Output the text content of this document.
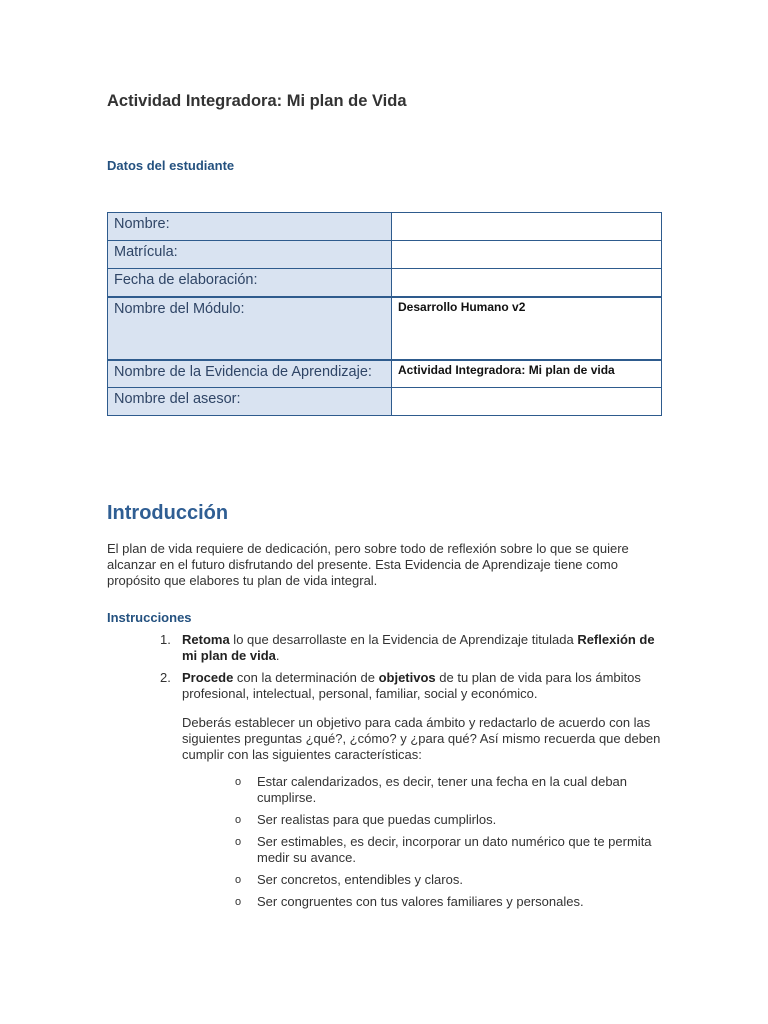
Actividad Integradora: Mi plan de Vida
Datos del estudiante
Nombre:	
Matrícula:	
Fecha de elaboración:	
Nombre del Módulo:	Desarrollo Humano v2
Nombre de la Evidencia de Aprendizaje:	Actividad Integradora: Mi plan de vida
Nombre del asesor:	
Introducción

El plan de vida requiere de dedicación, pero sobre todo de reflexión sobre lo que se quiere alcanzar en el futuro disfrutando del presente. Esta Evidencia de Aprendizaje tiene como propósito que elabores tu plan de vida integral.

Instrucciones
1. Retoma lo que desarrollaste en la Evidencia de Aprendizaje titulada Reflexión de mi plan de vida.
2. Procede con la determinación de objetivos de tu plan de vida para los ámbitos profesional, intelectual, personal, familiar, social y económico.
Deberás establecer un objetivo para cada ámbito y redactarlo de acuerdo con las siguientes preguntas ¿qué?, ¿cómo? y ¿para qué? Así mismo recuerda que deben cumplir con las siguientes características:
o Estar calendarizados, es decir, tener una fecha en la cual deban cumplirse.
o Ser realistas para que puedas cumplirlos.
o Ser estimables, es decir, incorporar un dato numérico que te permita medir su avance.
o Ser concretos, entendibles y claros.
o Ser congruentes con tus valores familiares y personales.
